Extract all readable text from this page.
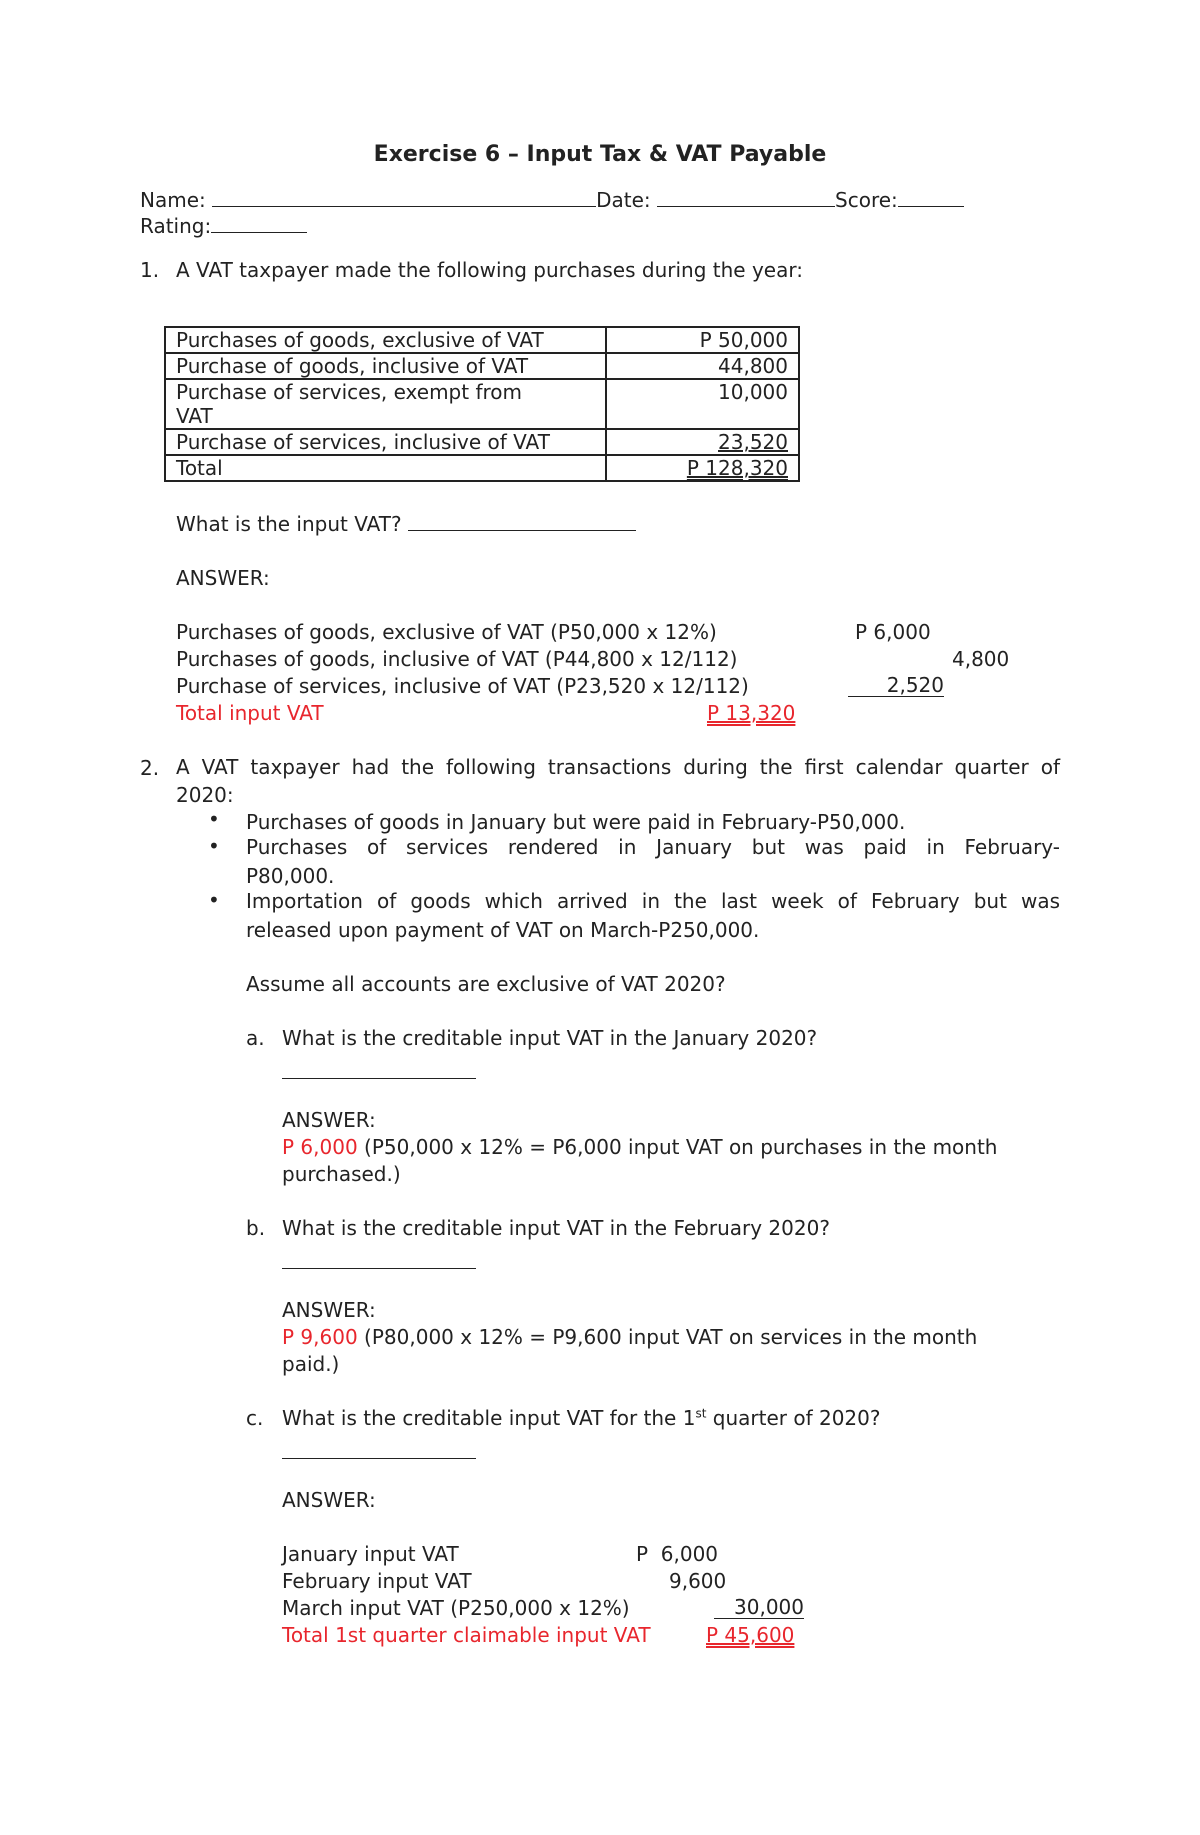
Exercise 6 – Input Tax & VAT Payable
Name:	Date:	Score:
Rating:
1. A VAT taxpayer made the following purchases during the year:
Purchases of goods, exclusive of VAT	P 50,000
Purchase of goods, inclusive of VAT	44,800

Purchase of services, exempt from VAT	10,000
Purchase of services, inclusive of VAT	23,520
Total	P 128,320
What is the input VAT?
ANSWER:
Purchases of goods, exclusive of VAT (P50,000 x 12%)	P 6,000
Purchases of goods, inclusive of VAT (P44,800 x 12/112)	4,800
Purchase of services, inclusive of VAT (P23,520 x 12/112)	2,520
Total input VAT	P 13,320
2. A VAT taxpayer had the following transactions during the first calendar quarter of
2020:
• Purchases of goods in January but were paid in February-P50,000.
• Purchases of services rendered in January but was paid in February-
P80,000.
• Importation of goods which arrived in the last week of February but was
released upon payment of VAT on March-P250,000.
Assume all accounts are exclusive of VAT 2020?
a. What is the creditable input VAT in the January 2020?
ANSWER:
P 6,000 (P50,000 x 12% = P6,000 input VAT on purchases in the month
purchased.)
b. What is the creditable input VAT in the February 2020?
ANSWER:
P 9,600 (P80,000 x 12% = P9,600 input VAT on services in the month
paid.)
c. What is the creditable input VAT for the 1st quarter of 2020?
ANSWER:
January input VAT	P  6,000
February input VAT	9,600
March input VAT (P250,000 x 12%)	30,000
Total 1st quarter claimable input VAT	P 45,600
